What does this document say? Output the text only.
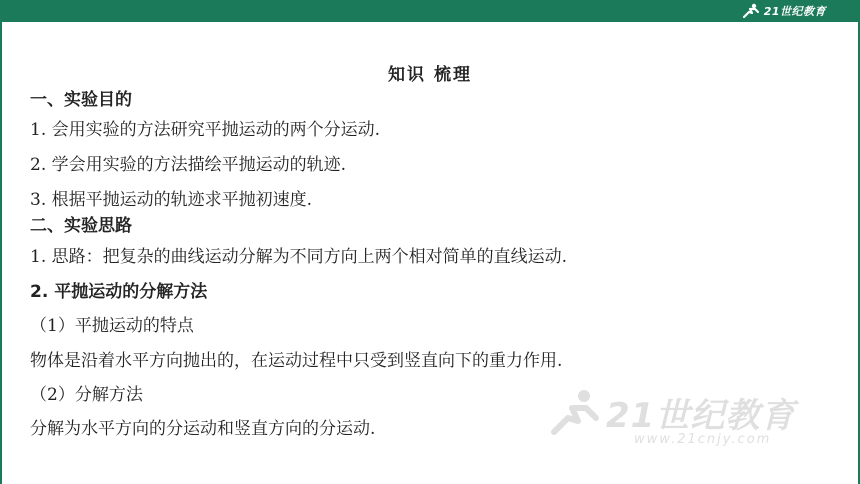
21世纪教育
21世纪教育
www.21cnjy.com
知识 梳理
一、实验目的
1. 会用实验的方法研究平抛运动的两个分运动.
2. 学会用实验的方法描绘平抛运动的轨迹.
3. 根据平抛运动的轨迹求平抛初速度.
二、实验思路
1. 思路：把复杂的曲线运动分解为不同方向上两个相对简单的直线运动.
2. 平抛运动的分解方法
（1）平抛运动的特点
物体是沿着水平方向抛出的，在运动过程中只受到竖直向下的重力作用.
（2）分解方法
分解为水平方向的分运动和竖直方向的分运动.
